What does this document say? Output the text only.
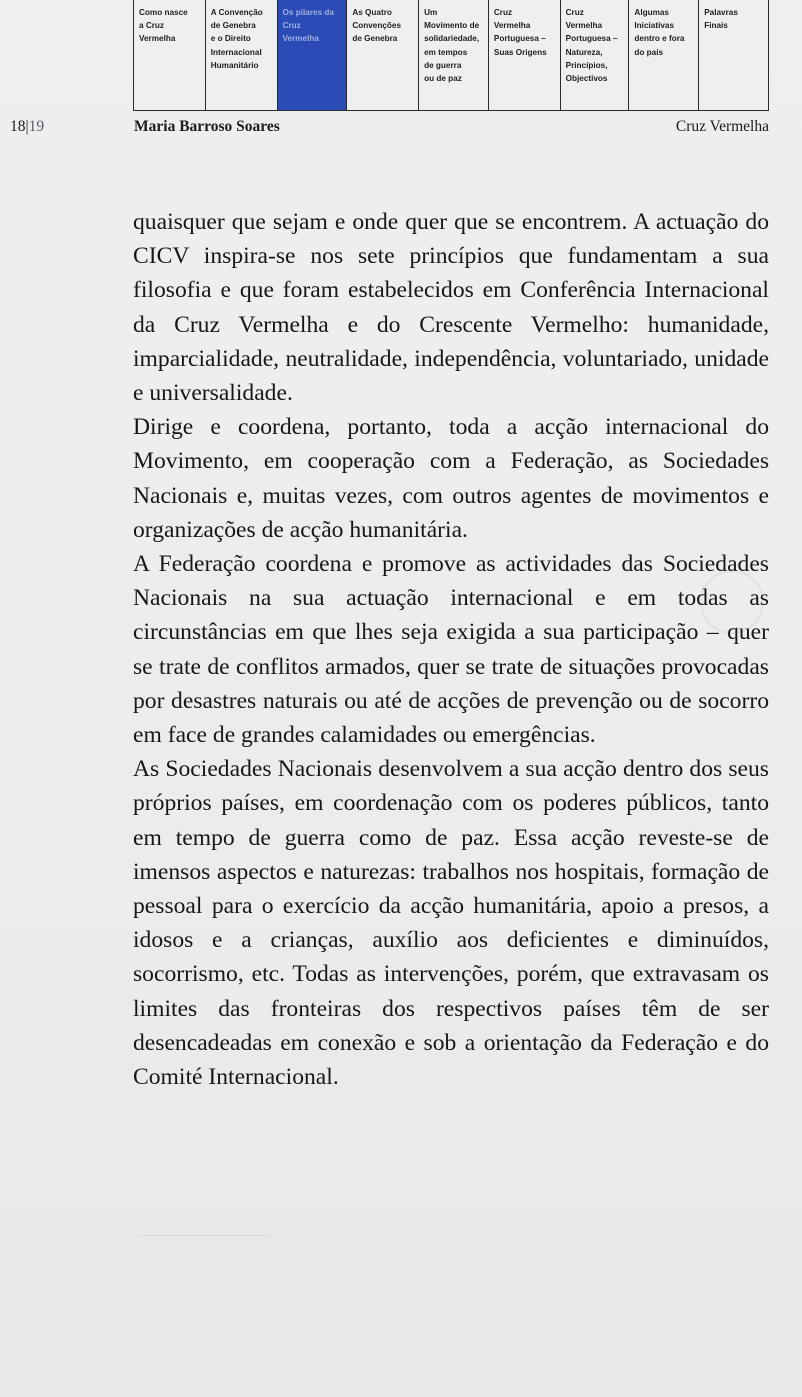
Como nasce
a Cruz
Vermelha
A Convenção
de Genebra
e o Direito
Internacional
Humanitário
Os pilares da
Cruz
Vermelha
As Quatro
Convenções
de Genebra
Um
Movimento de
solidariedade,
em tempos
de guerra
ou de paz
Cruz
Vermelha
Portuguesa –
Suas Origens
Cruz
Vermelha
Portuguesa –
Natureza,
Princípios,
Objectivos
Algumas
Iniciativas
dentro e fora
do país
Palavras
Finais
18|19	Maria Barroso Soares	Cruz Vermelha

quaisquer que sejam e onde quer que se encontrem. A actuação do CICV inspira-se nos sete princípios que fundamentam a sua filosofia e que foram estabelecidos em Conferência Internacional da Cruz Vermelha e do Crescente Vermelho: humanidade, imparcialidade, neutralidade, independência, voluntariado, unidade e universalidade.

Dirige e coordena, portanto, toda a acção internacional do Movimento, em cooperação com a Federação, as Sociedades Nacionais e, muitas vezes, com outros agentes de movimentos e organizações de acção humanitária.

A Federação coordena e promove as actividades das Sociedades Nacionais na sua actuação internacional e em todas as circunstâncias em que lhes seja exigida a sua participação – quer se trate de conflitos armados, quer se trate de situações provocadas por desastres naturais ou até de acções de prevenção ou de socorro em face de grandes calamidades ou emergências.

As Sociedades Nacionais desenvolvem a sua acção dentro dos seus próprios países, em coordenação com os poderes públicos, tanto em tempo de guerra como de paz. Essa acção reveste-se de imensos aspectos e naturezas: trabalhos nos hospitais, formação de pessoal para o exercício da acção humanitária, apoio a presos, a idosos e a crianças, auxílio aos deficientes e diminuídos, socorrismo, etc. Todas as intervenções, porém, que extravasam os limites das fronteiras dos respectivos países têm de ser desencadeadas em conexão e sob a orientação da Federação e do Comité Internacional.
